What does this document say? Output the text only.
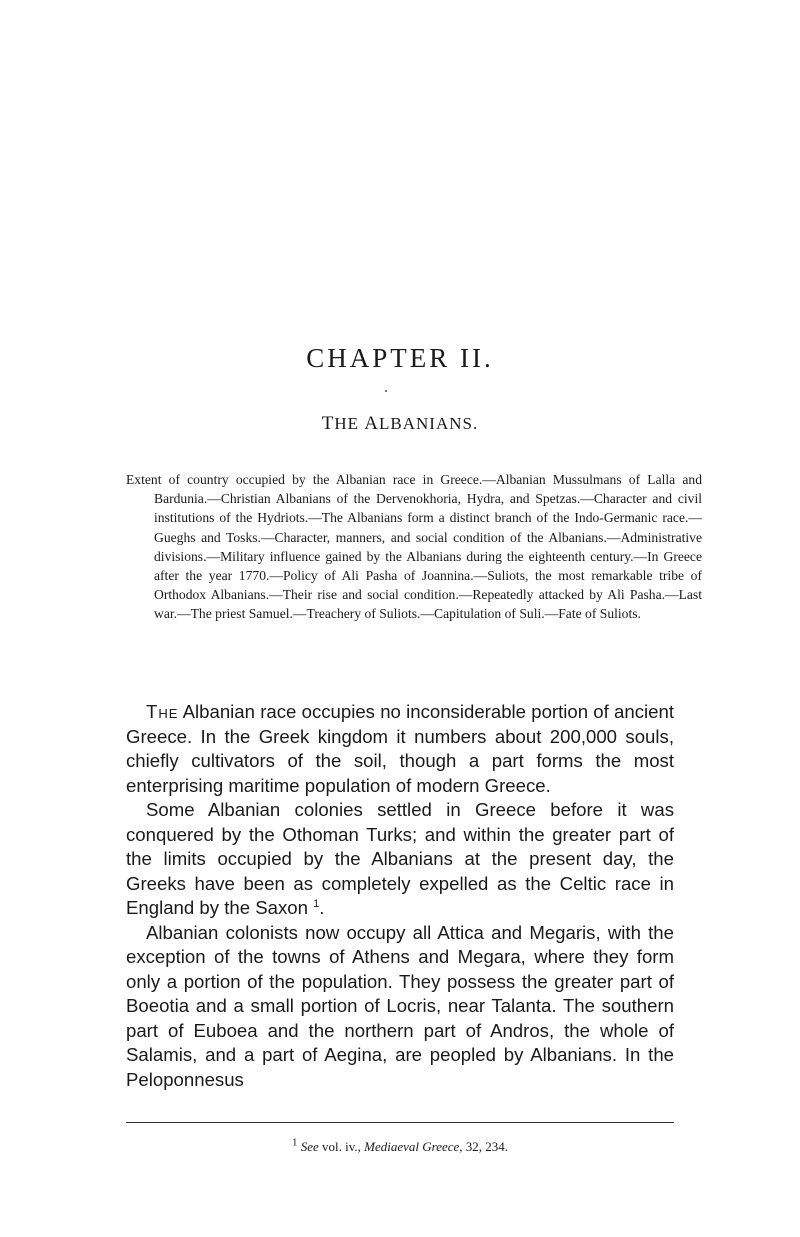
CHAPTER II.
THE ALBANIANS.
Extent of country occupied by the Albanian race in Greece.—Albanian Mussulmans of Lalla and Bardunia.—Christian Albanians of the Dervenokhoria, Hydra, and Spetzas.—Character and civil institutions of the Hydriots.—The Albanians form a distinct branch of the Indo-Germanic race.—Gueghs and Tosks.—Character, manners, and social condition of the Albanians.—Administrative divisions.—Military influence gained by the Albanians during the eighteenth century.—In Greece after the year 1770.—Policy of Ali Pasha of Joannina.—Suliots, the most remarkable tribe of Orthodox Albanians.—Their rise and social condition.—Repeatedly attacked by Ali Pasha.—Last war.—The priest Samuel.—Treachery of Suliots.—Capitulation of Suli.—Fate of Suliots.

The Albanian race occupies no inconsiderable portion of ancient Greece. In the Greek kingdom it numbers about 200,000 souls, chiefly cultivators of the soil, though a part forms the most enterprising maritime population of modern Greece.

Some Albanian colonies settled in Greece before it was conquered by the Othoman Turks; and within the greater part of the limits occupied by the Albanians at the present day, the Greeks have been as completely expelled as the Celtic race in England by the Saxon $^1$.

Albanian colonists now occupy all Attica and Megaris, with the exception of the towns of Athens and Megara, where they form only a portion of the population. They possess the greater part of Boeotia and a small portion of Locris, near Talanta. The southern part of Euboea and the northern part of Andros, the whole of Salamis, and a part of Aegina, are peopled by Albanians. In the Peloponnesus

$^1$ See vol. iv., Mediaeval Greece, 32, 234.
